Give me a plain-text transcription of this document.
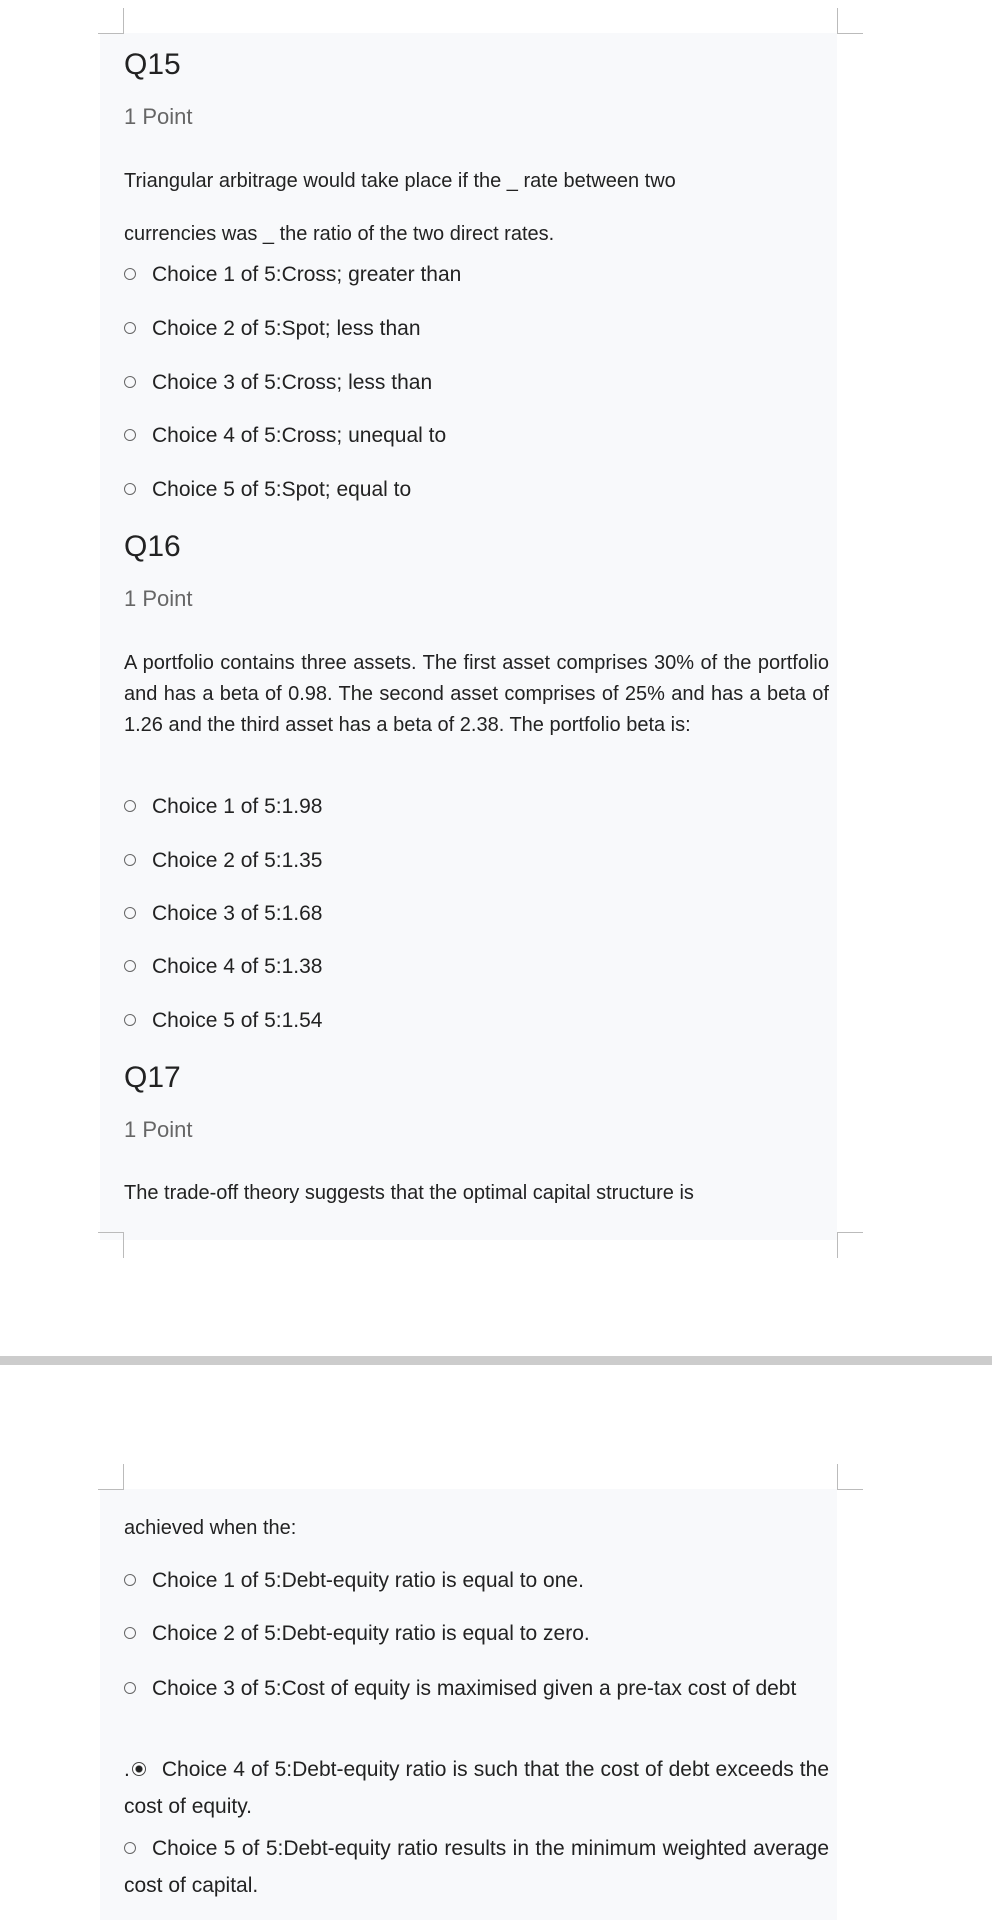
Q15
1 Point
Triangular arbitrage would take place if the _ rate between two
currencies was _ the ratio of the two direct rates.
Choice 1 of 5:Cross; greater than
Choice 2 of 5:Spot; less than
Choice 3 of 5:Cross; less than
Choice 4 of 5:Cross; unequal to
Choice 5 of 5:Spot; equal to
Q16
1 Point
A portfolio contains three assets. The first asset comprises 30% of the portfolio and has a beta of 0.98. The second asset comprises of 25% and has a beta of 1.26 and the third asset has a beta of 2.38. The portfolio beta is:
Choice 1 of 5:1.98
Choice 2 of 5:1.35
Choice 3 of 5:1.68
Choice 4 of 5:1.38
Choice 5 of 5:1.54
Q17
1 Point
The trade-off theory suggests that the optimal capital structure is
achieved when the:
Choice 1 of 5:Debt-equity ratio is equal to one.
Choice 2 of 5:Debt-equity ratio is equal to zero.
Choice 3 of 5:Cost of equity is maximised given a pre-tax cost of debt
. Choice 4 of 5:Debt-equity ratio is such that the cost of debt exceeds the cost of equity.
Choice 5 of 5:Debt-equity ratio results in the minimum weighted average cost of capital.
